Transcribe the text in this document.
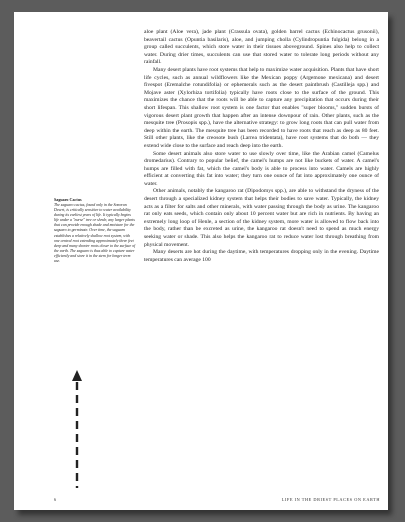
Saguaro Cactus
The saguaro cactus, found only in the Sonoran Desert, is critically sensitive to water availability during its earliest years of life. It typically begins life under a "nurse" tree or shrub; any larger plants that can provide enough shade and moisture for the saguaro to germinate. Over time, the saguaro establishes a relatively shallow root system, with one central root extending approximately three feet deep and many shorter roots closer to the surface of the earth. The saguaro is thus able to capture water efficiently and store it in the stem for longer term use.

aloe plant (Aloe vera), jade plant (Crassula ovata), golden barrel cactus (Echinocactus grusonii), beavertail cactus (Opuntia basilaris), aloe, and jumping cholla (Cylindropuntia fulgida) belong in a group called succulents, which store water in their tissues aboveground. Spines also help to collect water. During drier times, succulents can use that stored water to tolerate long periods without any rainfall.

Many desert plants have root systems that help to maximize water acquisition. Plants that have short life cycles, such as annual wildflowers like the Mexican poppy (Argemone mexicana) and desert fivespot (Eremalche rotundifolia) or ephemerals such as the desert paintbrush (Castilleja spp.) and Mojave aster (Xylorhiza tortifolia) typically have roots close to the surface of the ground. This maximizes the chance that the roots will be able to capture any precipitation that occurs during their short lifespan. This shallow root system is one factor that enables "super blooms," sudden bursts of vigorous desert plant growth that happen after an intense downpour of rain. Other plants, such as the mesquite tree (Prosopis spp.), have the alternative strategy: to grow long roots that can pull water from deep within the earth. The mesquite tree has been recorded to have roots that reach as deep as 80 feet. Still other plants, like the creosote bush (Larrea tridentata), have root systems that do both — they extend wide close to the surface and reach deep into the earth.

Some desert animals also store water to use slowly over time, like the Arabian camel (Camelus dromedarius). Contrary to popular belief, the camel's humps are not like buckets of water. A camel's humps are filled with fat, which the camel's body is able to process into water. Camels are highly efficient at converting this fat into water; they turn one ounce of fat into approximately one ounce of water.

Other animals, notably the kangaroo rat (Dipodomys spp.), are able to withstand the dryness of the desert through a specialized kidney system that helps their bodies to save water. Typically, the kidney acts as a filter for salts and other minerals, with water passing through the body as urine. The kangaroo rat only eats seeds, which contain only about 10 percent water but are rich in nutrients. By having an extremely long loop of Henle, a section of the kidney system, more water is allowed to flow back into the body, rather than be excreted as urine, the kangaroo rat doesn't need to spend as much energy seeking water or shade. This also helps the kangaroo rat to reduce water lost through breathing from physical movement.

Many deserts are hot during the daytime, with temperatures dropping only in the evening. Daytime temperatures can average 100

6	LIFE IN THE DRIEST PLACES ON EARTH
